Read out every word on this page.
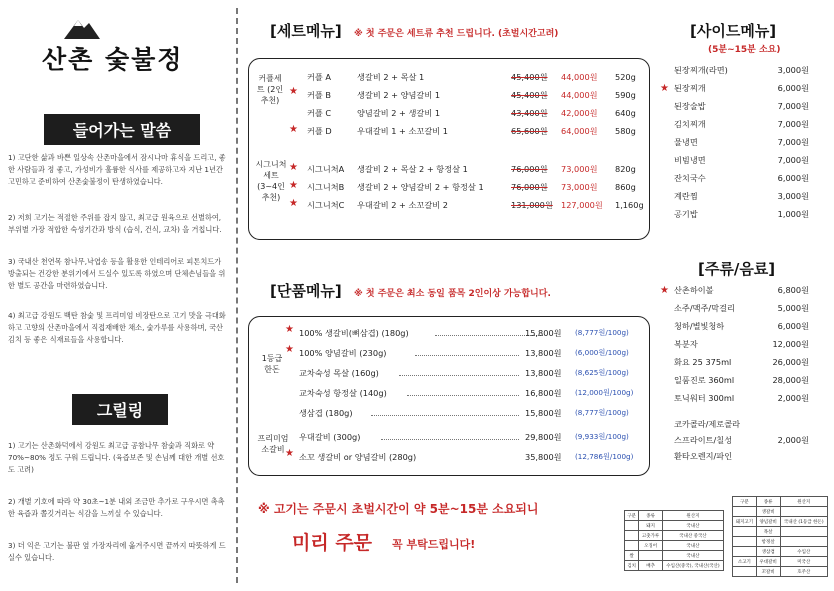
산촌 숯불정
들어가는 말씀
1) 고단한 삶과 바쁜 일상속 산촌마을에서 잠시나마 휴식을 드리고, 좋한 사람들과 정 좋고, 가성비가 훌륭한 식사를 제공하고자 지난 1년간 고민하고 준비하여 산촌숯불정이 탄생하였습니다.
2) 저희 고기는 적절한 주위를 잡지 않고, 최고급 원육으로 선별하여, 부위별 가장 적합한 숙성기간과 방식 (습식, 건식, 교차) 을 거칩니다.
3) 국내산 천연목 참나무,낙엽송 등을 활용한 인테리어로 피톤치드가 방출되는 건강한 분위기에서 드실수 있도록 하였으며 단체손님들을 위한 별도 공간을 마련하였습니다.
4) 최고급 강원도 백탄 참숯 및 프리미엄 비장탄으로 고기 맛을 극대화 하고 고향의 산촌마을에서 직접재배한 채소, 숯가루를 사용하며, 국산 김치 등 좋은 식재료들을 사용합니다.
그릴링
1) 고기는 산촌화덕에서 강원도 최고급 공참나무 참숯과 직화로 약 70%~80% 정도 구워 드립니다. (육즙보존 및 손님께 대한 개별 선호도 고려)
2) 개별 기호에 따라 약 30초~1분 내외 조금만 추가로 구우시면 촉촉한 육즙과 쫄깃거리는 식감을 느끼실 수 있습니다.
3) 더 익은 고기는 불판 옆 가장자리에 옮겨주시면 끝까지 따뜻하게 드실수 있습니다.
[세트메뉴] ※ 첫 주문은 세트류 추천 드립니다. (초벌시간고려)
커플세트 (2인 추천)
시그니처세트 (3~4인 추천)
★
커플 A	생갈비 2 + 목살 1	45,400원 44,000원 520g
커플 B	생갈비 2 + 양념갈비 1	45,400원 44,000원 590g
커플 C	양념갈비 2 + 생갈비 1	43,400원 42,000원 640g
★ 커플 D	우대갈비 1 + 소꼬갈비 1	65,600원 64,000원 580g
★ 시그니처A 생갈비 2 + 목살 2 + 항정살 1	76,000원 73,000원 820g
★ 시그니처B 생갈비 2 + 양념갈비 2 + 항정살 1	76,000원 73,000원 860g
★ 시그니처C 우대갈비 2 + 소꼬갈비 2	131,000원 127,000원 1,160g
[단품메뉴] ※ 첫 주문은 최소 동일 품목 2인이상 가능합니다.
1등급 한돈
프리미엄 소갈비
★ 100% 생갈비(뼈삼겹) (180g)	15,800원 (8,777원/100g)
★ 100% 양념갈비 (230g)	13,800원 (6,000원/100g)
교차숙성 목살 (160g)	13,800원 (8,625원/100g)
교차숙성 항정살 (140g)	16,800원 (12,000원/100g)
생삼겹 (180g)	15,800원 (8,777원/100g)
우대갈비 (300g)	29,800원 (9,933원/100g)
★ 소꼬 생갈비 or 양념갈비 (280g)	35,800원 (12,786원/100g)
※ 고기는 주문시 초벌시간이 약 5분~15분 소요되니
미리 주문 꼭 부탁드립니다!
[사이드메뉴]
(5분~15분 소요)
★
된장찌개(라면)	3,000원
된장찌개	6,000원
된장술밥	7,000원
김치찌개	7,000원
물냉면	7,000원
비빔냉면	7,000원
잔치국수	6,000원
계란찜	3,000원
공기밥	1,000원
[주류/음료]
★ 산촌하이볼	6,800원
소주/맥주/막걸리	5,000원
청하/별빛청하	6,000원
복분자	12,000원
화요 25 375ml	26,000원
일품진로 360ml	28,000원
토닉워터 300ml	2,000원
코카콜라/제로콜라
스프라이트/칠성	2,000원
환타오렌지/파인
구분	종류	원산지
	돼지	국내산
	고춧가루	국내산 중국산
	오징어	국내산
쌀		국내산
김치	배추	수입산(중국), 국내산(국산)
구분	종류	원산지
	생갈비	
돼지고기	양념갈비	국내산 (1등급 한돈)
	목살	
	항정살	
	생삼겹	수입산
소고기	우대갈비	미국산
	꼬갈비	호주산
